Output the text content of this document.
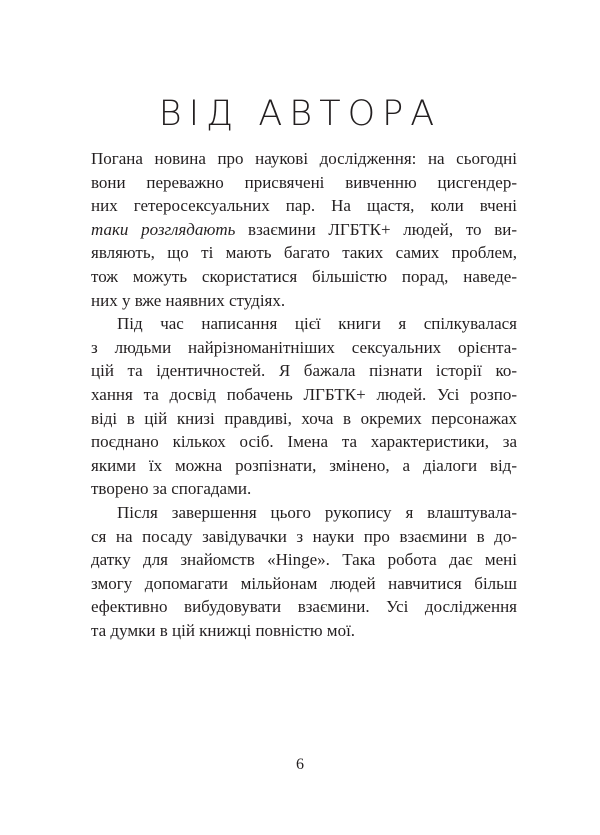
ВІД АВТОРА
Погана новина про наукові дослідження: на сьогодні
вони переважно присвячені вивченню цисгендер-
них гетеросексуальних пар. На щастя, коли вчені
таки розглядають взаємини ЛГБТК+ людей, то ви-
являють, що ті мають багато таких самих проблем,
тож можуть скористатися більшістю порад, наведе-
них у вже наявних студіях.
Під час написання цієї книги я спілкувалася
з людьми найрізноманітніших сексуальних орієнта-
цій та ідентичностей. Я бажала пізнати історії ко-
хання та досвід побачень ЛГБТК+ людей. Усі розпо-
віді в цій книзі правдиві, хоча в окремих персонажах
поєднано кількох осіб. Імена та характеристики, за
якими їх можна розпізнати, змінено, а діалоги від-
творено за спогадами.
Після завершення цього рукопису я влаштувала-
ся на посаду завідувачки з науки про взаємини в до-
датку для знайомств «Hinge». Така робота дає мені
змогу допомагати мільйонам людей навчитися більш
ефективно вибудовувати взаємини. Усі дослідження
та думки в цій книжці повністю мої.
6
